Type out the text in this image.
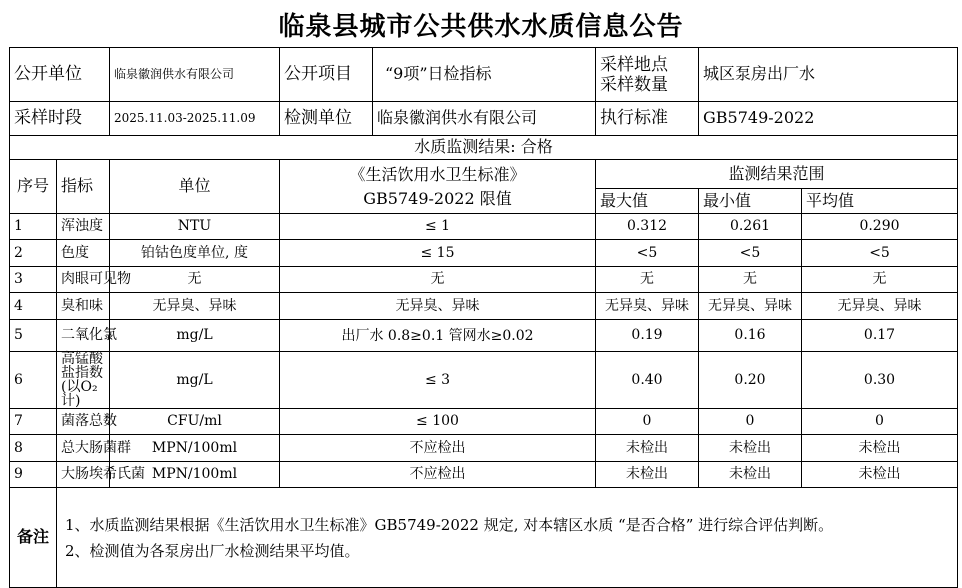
临泉县城市公共供水水质信息公告
公开单位		临泉徽润供水有限公司	公开项目	“9项”日检指标	采样地点
采样数量	城区泵房出厂水	
采样时段		2025.11.03-2025.11.09	检测单位	临泉徽润供水有限公司	执行标准	GB5749-2022	
水质监测结果: 合格							
序号	指标	单位	《生活饮用水卫生标准》
GB5749-2022 限值		监测结果范围		
					最大值	最小值	平均值
1	浑浊度	NTU	≤ 1		0.312	0.261	0.290
2	色度	铂钴色度单位, 度	≤ 15		<5	<5	<5
3	肉眼可见物	无	无		无	无	无
4	臭和味	无异臭、异味	无异臭、异味		无异臭、异味	无异臭、异味	无异臭、异味
5	二氧化氯	mg/L	出厂水 0.8≥0.1 管网水≥0.02		0.19	0.16	0.17
6	高锰酸盐指数(以O₂计)	mg/L	≤ 3		0.40	0.20	0.30
7	菌落总数	CFU/ml	≤ 100		0	0	0
8	总大肠菌群	MPN/100ml	不应检出		未检出	未检出	未检出
9	大肠埃希氏菌	MPN/100ml	不应检出		未检出	未检出	未检出
备注	1、水质监测结果根据《生活饮用水卫生标准》GB5749-2022 规定, 对本辖区水质 “是否合格” 进行综合评估判断。

2、检测值为各泵房出厂水检测结果平均值。						
